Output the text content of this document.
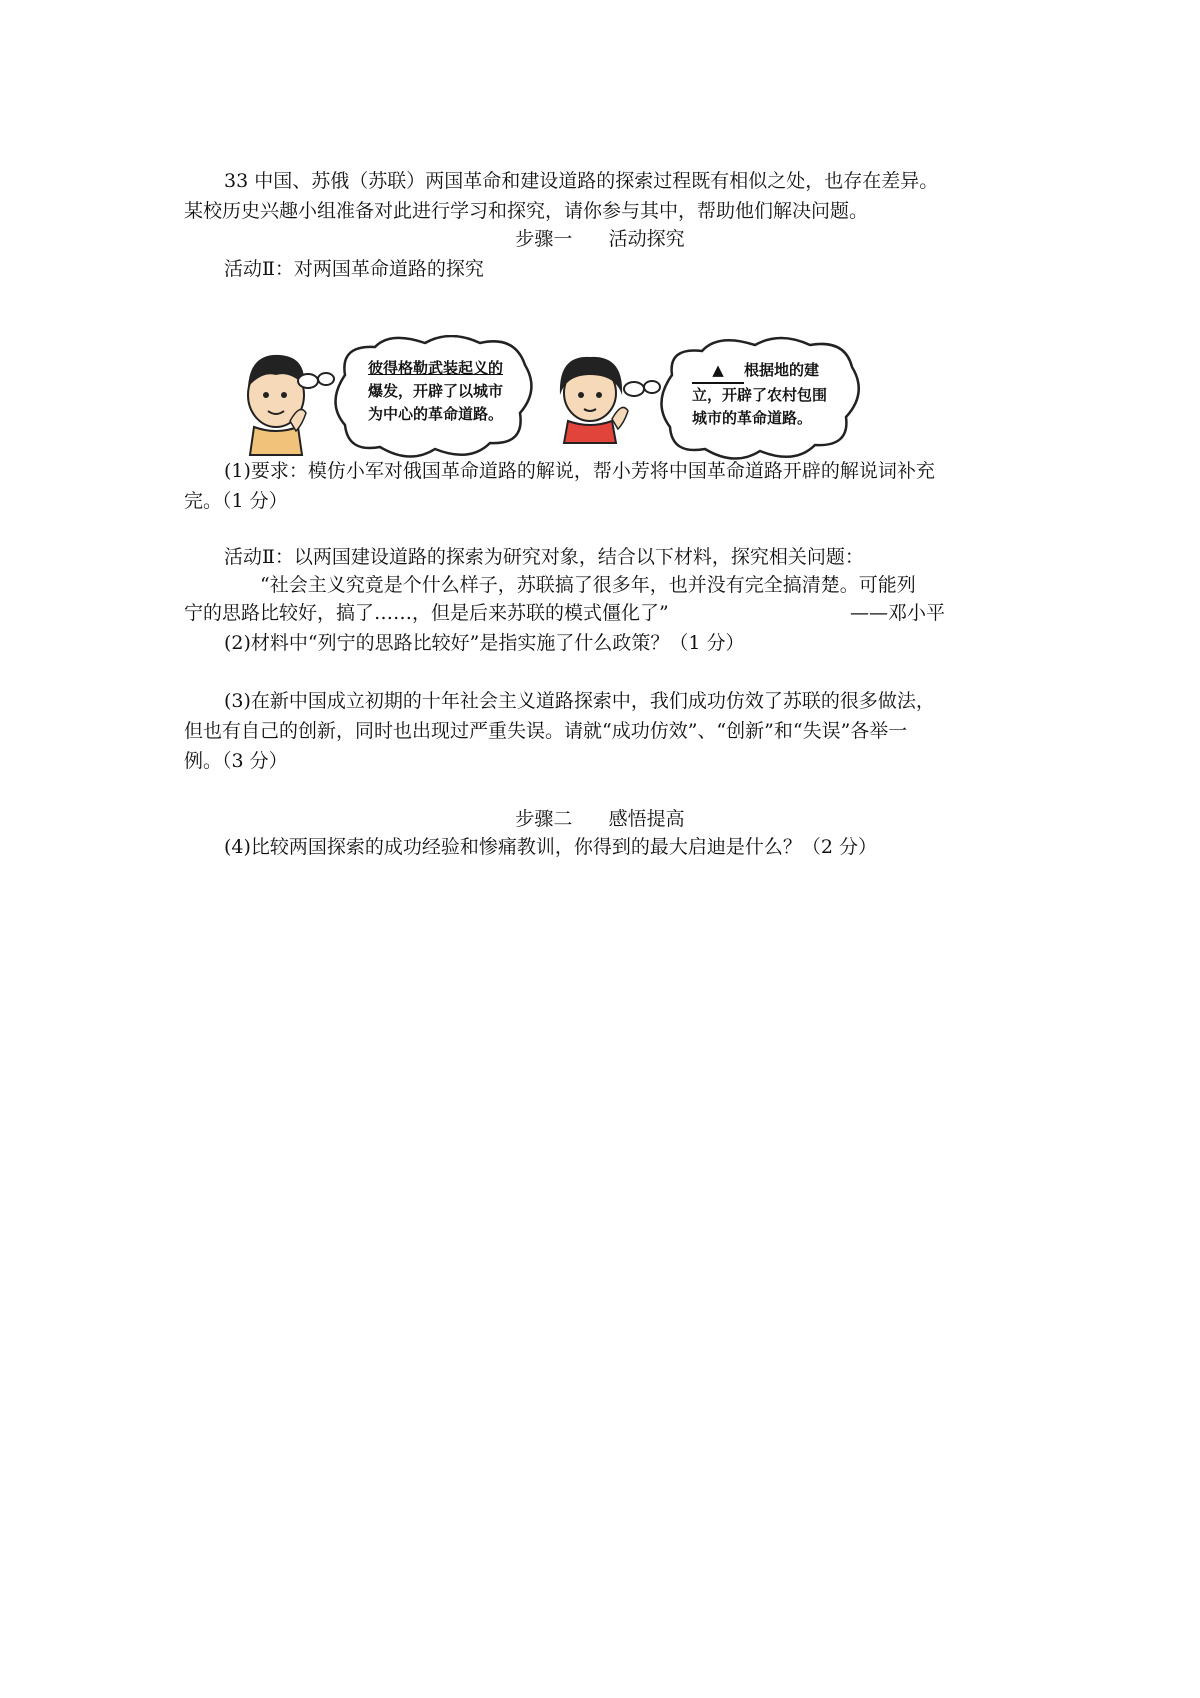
33 中国、苏俄（苏联）两国革命和建设道路的探索过程既有相似之处，也存在差异。
某校历史兴趣小组准备对此进行学习和探究，请你参与其中，帮助他们解决问题。
步骤一      活动探究
活动Ⅱ：对两国革命道路的探究
彼得格勒武装起义的
爆发，开辟了以城市
为中心的革命道路。
▲ 根据地的建
立，开辟了农村包围
城市的革命道路。
(1)要求：模仿小军对俄国革命道路的解说，帮小芳将中国革命道路开辟的解说词补充
完。（1 分）
活动Ⅱ：以两国建设道路的探索为研究对象，结合以下材料，探究相关问题：
“社会主义究竟是个什么样子，苏联搞了很多年，也并没有完全搞清楚。可能列
宁的思路比较好，搞了……，但是后来苏联的模式僵化了”	——邓小平
(2)材料中“列宁的思路比较好”是指实施了什么政策？（1 分）
(3)在新中国成立初期的十年社会主义道路探索中，我们成功仿效了苏联的很多做法，
但也有自己的创新，同时也出现过严重失误。请就“成功仿效”、“创新”和“失误”各举一
例。（3 分）
步骤二      感悟提高
(4)比较两国探索的成功经验和惨痛教训，你得到的最大启迪是什么？（2 分）
